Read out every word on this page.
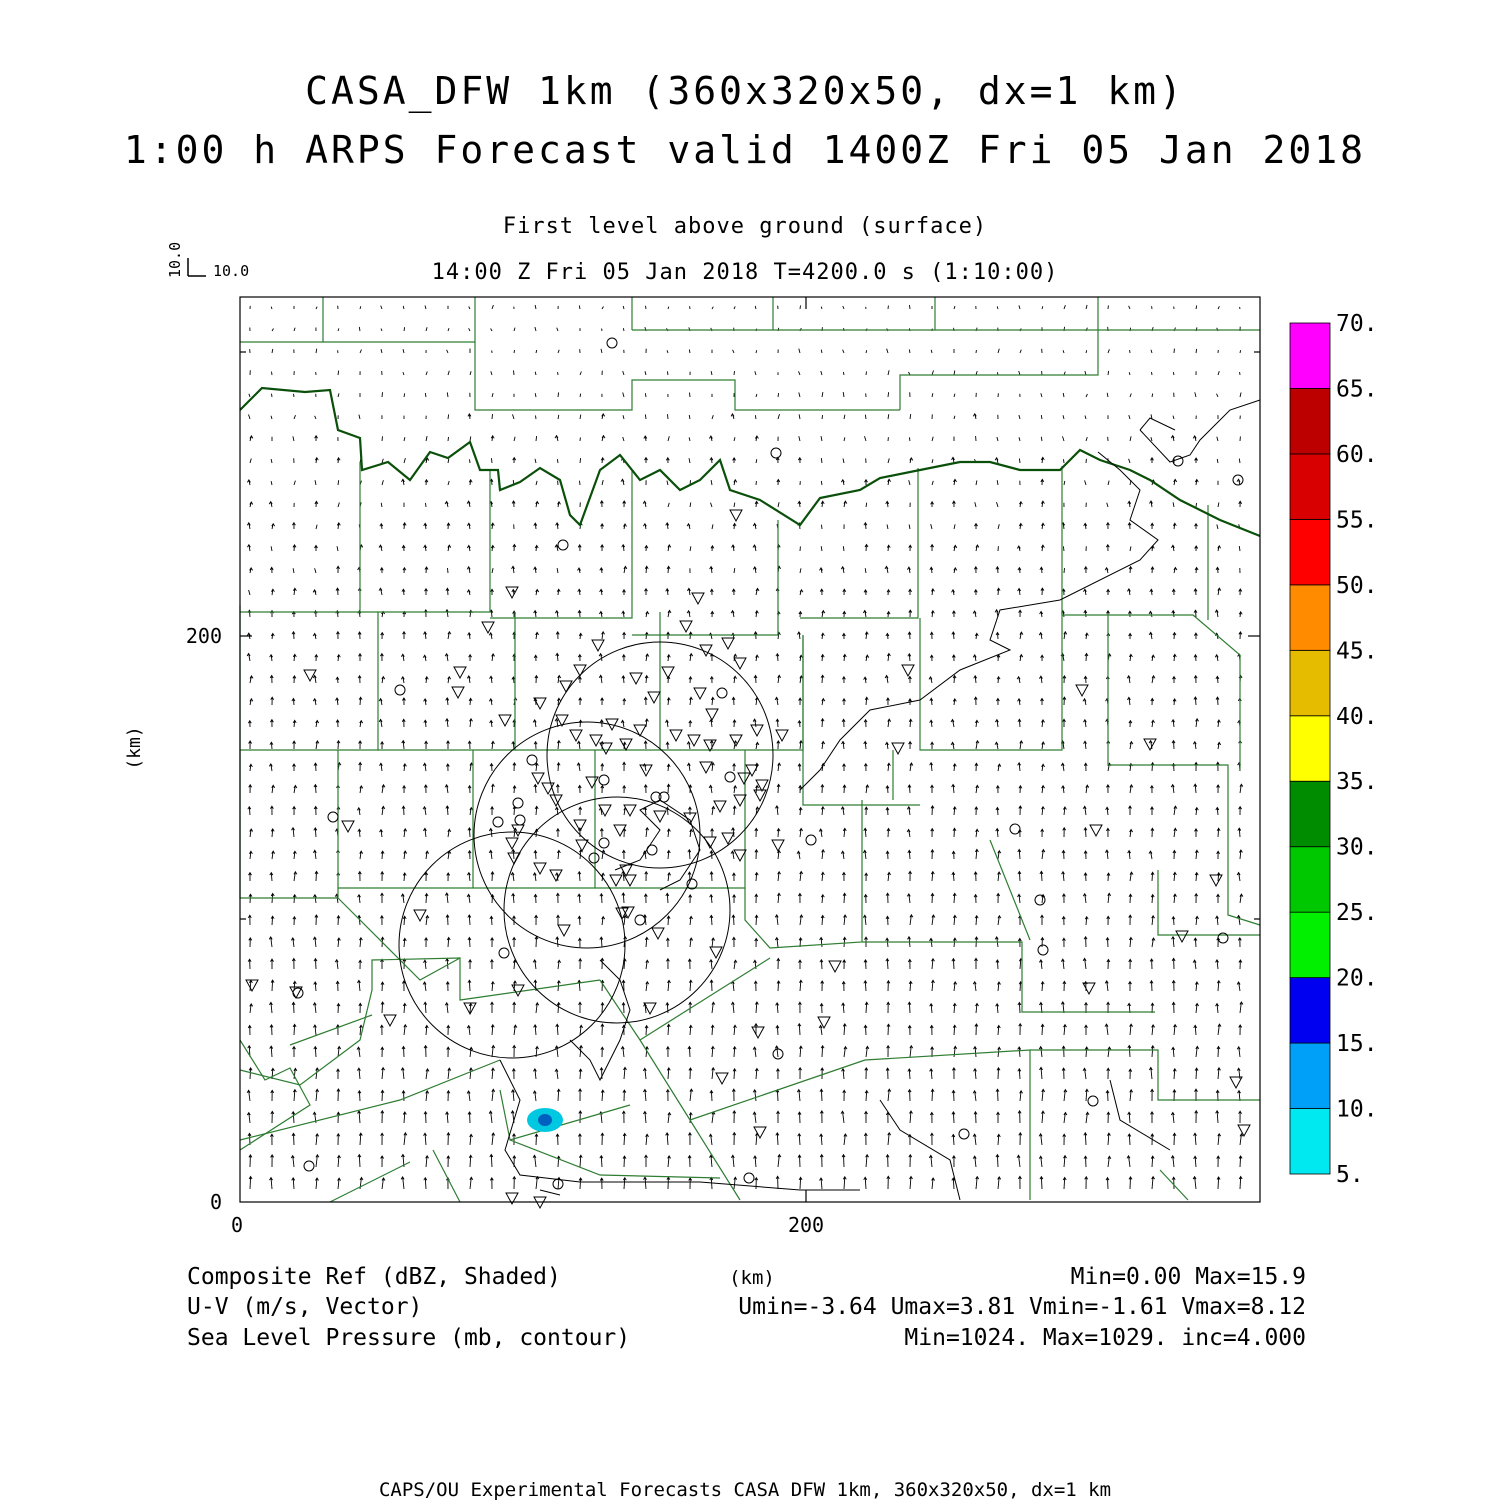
CASA_DFW 1km (360x320x50, dx=1 km)
1:00 h ARPS Forecast valid 1400Z Fri 05 Jan 2018
First level above ground (surface)
14:00 Z Fri 05 Jan 2018 T=4200.0 s (1:10:00)
10.0
10.0
0	200
0
200
(km)
(km)
5.
10.
15.
20.
25.
30.
35.
40.
45.
50.
55.
60.
65.
70.
Composite Ref (dBZ, Shaded)	Min=0.00 Max=15.9
U-V (m/s, Vector)	Umin=-3.64 Umax=3.81 Vmin=-1.61 Vmax=8.12
Sea Level Pressure (mb, contour)	Min=1024. Max=1029. inc=4.000
CAPS/OU Experimental Forecasts CASA DFW 1km, 360x320x50, dx=1 km
